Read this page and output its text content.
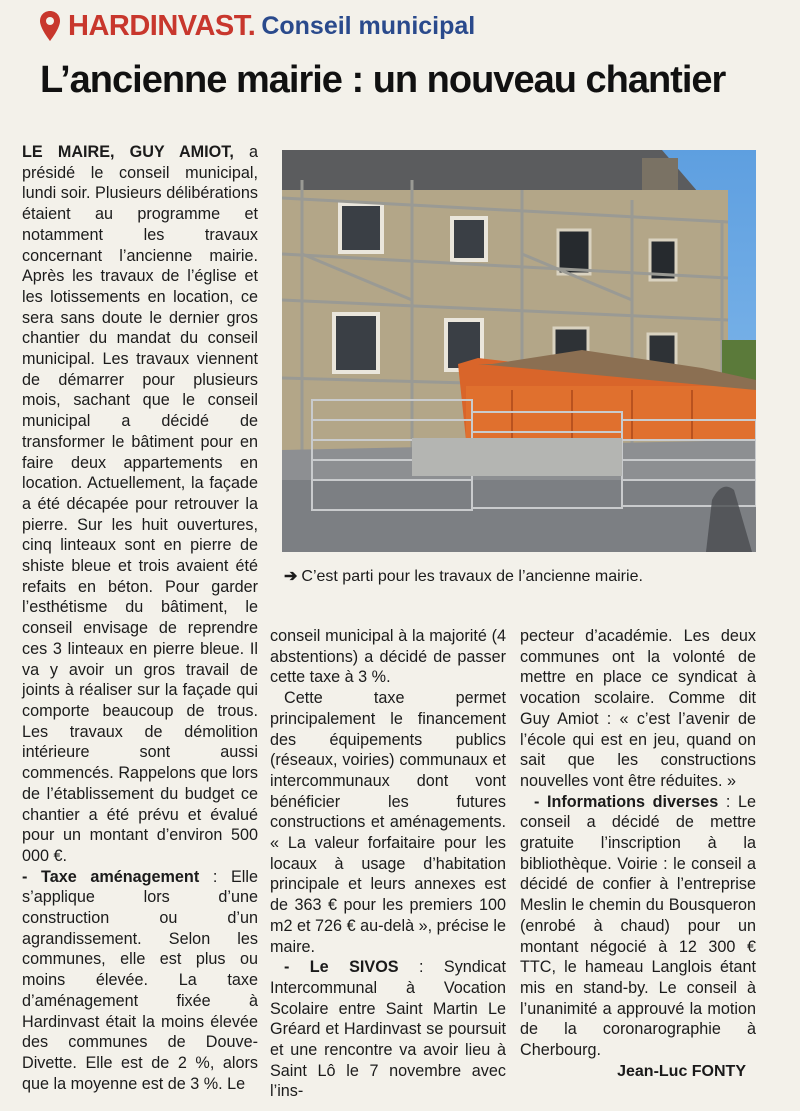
HARDINVAST. Conseil municipal
L’ancienne mairie : un nouveau chantier
➔ C’est parti pour les travaux de l’ancienne mairie.

LE MAIRE, GUY AMIOT, a présidé le conseil municipal, lundi soir. Plusieurs délibérations étaient au programme et notamment les travaux concernant l’ancienne mairie. Après les travaux de l’église et les lotissements en location, ce sera sans doute le dernier gros chantier du mandat du conseil municipal. Les travaux viennent de démarrer pour plusieurs mois, sachant que le conseil municipal a décidé de transformer le bâtiment pour en faire deux appartements en location. Actuellement, la façade a été décapée pour retrouver la pierre. Sur les huit ouvertures, cinq linteaux sont en pierre de shiste bleue et trois avaient été refaits en béton. Pour garder l’esthétisme du bâtiment, le conseil envisage de reprendre ces 3 linteaux en pierre bleue. Il va y avoir un gros travail de joints à réaliser sur la façade qui comporte beaucoup de trous. Les travaux de démolition intérieure sont aussi commencés. Rappelons que lors de l’établissement du budget ce chantier a été prévu et évalué pour un montant d’environ 500 000 €.

- Taxe aménagement : Elle s’applique lors d’une construction ou d’un agrandissement. Selon les communes, elle est plus ou moins élevée. La taxe d’aménagement fixée à Hardinvast était la moins élevée des communes de Douve-Divette. Elle est de 2 %, alors que la moyenne est de 3 %. Le

conseil municipal à la majorité (4 abstentions) a décidé de passer cette taxe à 3 %.

Cette taxe permet principalement le financement des équipements publics (réseaux, voiries) communaux et intercommunaux dont vont bénéficier les futures constructions et aménagements. « La valeur forfaitaire pour les locaux à usage d’habitation principale et leurs annexes est de 363 € pour les premiers 100 m2 et 726 € au-delà », précise le maire.

- Le SIVOS : Syndicat Intercommunal à Vocation Scolaire entre Saint Martin Le Gréard et Hardinvast se poursuit et une rencontre va avoir lieu à Saint Lô le 7 novembre avec l’ins-

pecteur d’académie. Les deux communes ont la volonté de mettre en place ce syndicat à vocation scolaire. Comme dit Guy Amiot : « c’est l’avenir de l’école qui est en jeu, quand on sait que les constructions nouvelles vont être réduites. »

- Informations diverses : Le conseil a décidé de mettre gratuite l’inscription à la bibliothèque. Voirie : le conseil a décidé de confier à l’entreprise Meslin le chemin du Bousqueron (enrobé à chaud) pour un montant négocié à 12 300 € TTC, le hameau Langlois étant mis en stand-by. Le conseil à l’unanimité a approuvé la motion de la coronarographie à Cherbourg.

Jean-Luc FONTY
